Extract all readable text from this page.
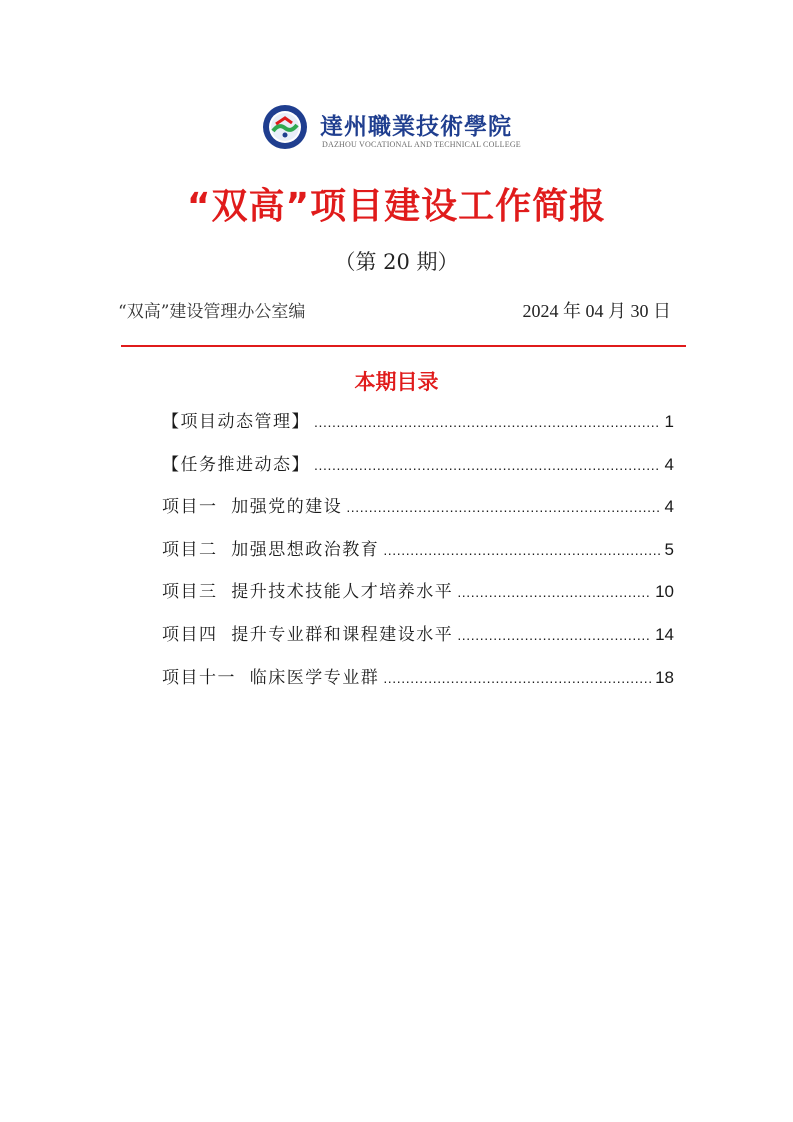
達州職業技術學院
DAZHOU VOCATIONAL AND TECHNICAL COLLEGE
“双高”项目建设工作简报
（第 20 期）
“双高”建设管理办公室编	2024 年 04 月 30 日
本期目录
【项目动态管理】 .....	1
【任务推进动态】 .....	4
项目一  加强党的建设 .....	4
项目二  加强思想政治教育 .....	5
项目三  提升技术技能人才培养水平 .....	10
项目四  提升专业群和课程建设水平 .....	14
项目十一  临床医学专业群 .....	18
